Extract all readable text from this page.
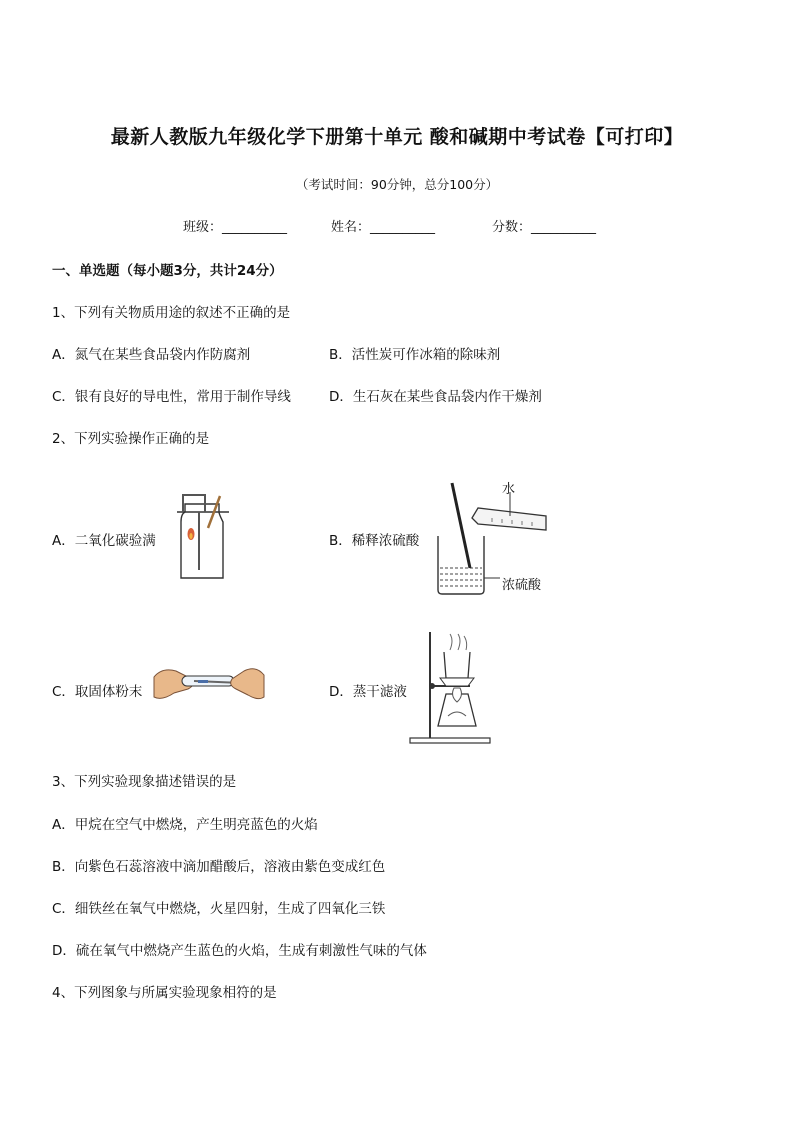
最新人教版九年级化学下册第十单元 酸和碱期中考试卷【可打印】
（考试时间：90分钟，总分100分）
班级：__________	姓名：__________	分数：__________
一、单选题（每小题3分，共计24分）
1、下列有关物质用途的叙述不正确的是
A．氮气在某些食品袋内作防腐剂	B．活性炭可作冰箱的除味剂
C．银有良好的导电性，常用于制作导线	D．生石灰在某些食品袋内作干燥剂
2、下列实验操作正确的是
A．二氧化碳验满	B．稀释浓硫酸
C．取固体粉末	D．蒸干滤液
水
浓硫酸
3、下列实验现象描述错误的是
A．甲烷在空气中燃烧，产生明亮蓝色的火焰
B．向紫色石蕊溶液中滴加醋酸后，溶液由紫色变成红色
C．细铁丝在氧气中燃烧，火星四射，生成了四氧化三铁
D．硫在氧气中燃烧产生蓝色的火焰，生成有刺激性气味的气体
4、下列图象与所属实验现象相符的是
